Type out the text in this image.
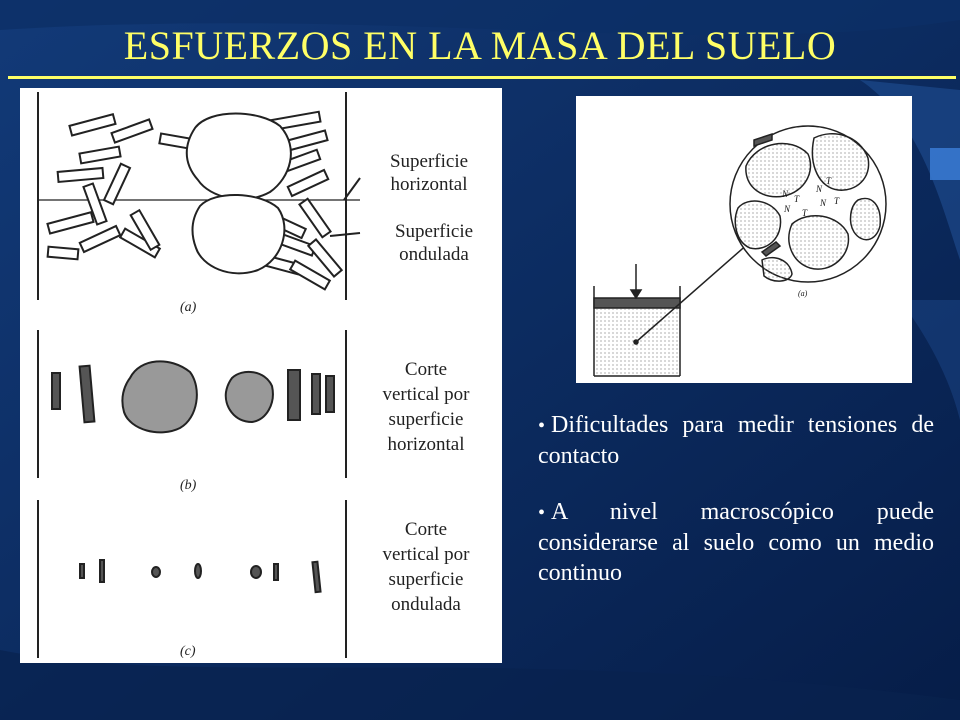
ESFUERZOS EN LA MASA DEL SUELO
(a)
(b)
(c)
Superficie horizontal
Superficie ondulada
Corte
vertical por
superficie
horizontal
Corte
vertical por
superficie
ondulada
N T
N
T
N T
N T
(a)
• Dificultades para medir tensiones de contacto
• A nivel macroscópico puede considerarse al suelo como un medio continuo
